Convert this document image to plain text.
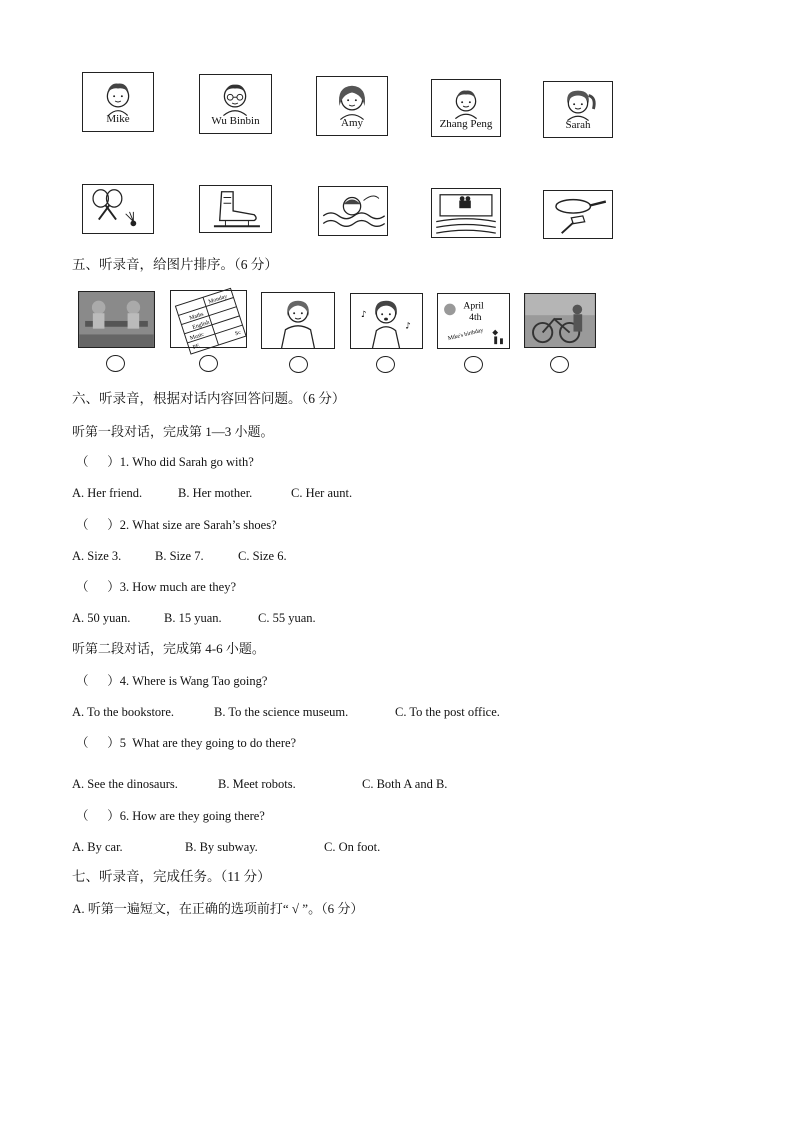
Mike	Wu Binbin	Amy	Zhang Peng	Sarah
五、听录音，给图片排序。（6 分）
Monday
Maths
English
Music
PE
Sc
♪
♪
April
4th
Mike's birthday
六、听录音，根据对话内容回答问题。（6 分）
听第一段对话，完成第 1—3 小题。
（      ）1. Who did Sarah go with?
A. Her friend.	B. Her mother.	C. Her aunt.
（      ）2. What size are Sarah’s shoes?
A. Size 3.	B. Size 7.	C. Size 6.
（      ）3. How much are they?
A. 50 yuan.	B. 15 yuan.	C. 55 yuan.
听第二段对话，完成第 4-6 小题。
（      ）4. Where is Wang Tao going?
A. To the bookstore.	B. To the science museum.	C. To the post office.
（      ）5  What are they going to do there?
A. See the dinosaurs.	B. Meet robots.	C. Both A and B.
（      ）6. How are they going there?
A. By car.	B. By subway.	C. On foot.
七、听录音，完成任务。（11 分）
A. 听第一遍短文，在正确的选项前打“ √ ”。（6 分）
